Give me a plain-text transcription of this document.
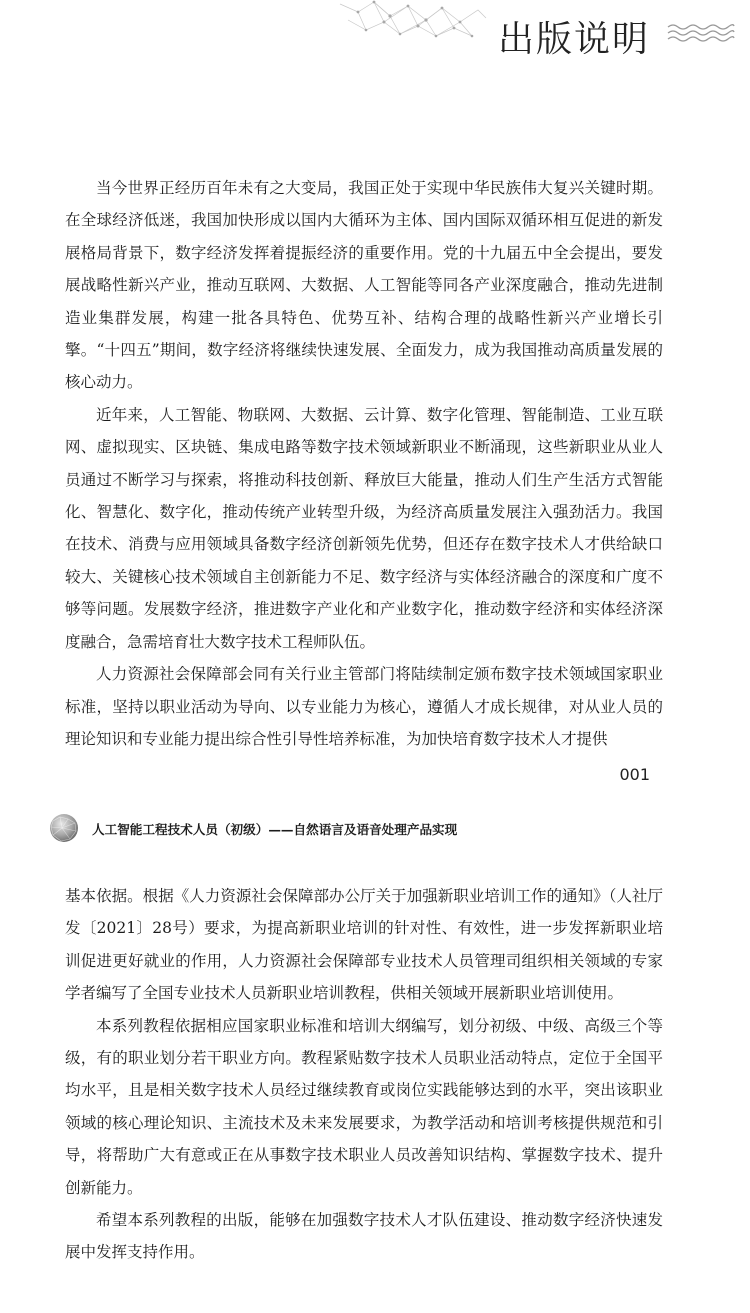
出版说明

当今世界正经历百年未有之大变局，我国正处于实现中华民族伟大复兴关键时期。在全球经济低迷，我国加快形成以国内大循环为主体、国内国际双循环相互促进的新发展格局背景下，数字经济发挥着提振经济的重要作用。党的十九届五中全会提出，要发展战略性新兴产业，推动互联网、大数据、人工智能等同各产业深度融合，推动先进制造业集群发展，构建一批各具特色、优势互补、结构合理的战略性新兴产业增长引擎。“十四五”期间，数字经济将继续快速发展、全面发力，成为我国推动高质量发展的核心动力。

近年来，人工智能、物联网、大数据、云计算、数字化管理、智能制造、工业互联网、虚拟现实、区块链、集成电路等数字技术领域新职业不断涌现，这些新职业从业人员通过不断学习与探索，将推动科技创新、释放巨大能量，推动人们生产生活方式智能化、智慧化、数字化，推动传统产业转型升级，为经济高质量发展注入强劲活力。我国在技术、消费与应用领域具备数字经济创新领先优势，但还存在数字技术人才供给缺口较大、关键核心技术领域自主创新能力不足、数字经济与实体经济融合的深度和广度不够等问题。发展数字经济，推进数字产业化和产业数字化，推动数字经济和实体经济深度融合，急需培育壮大数字技术工程师队伍。

人力资源社会保障部会同有关行业主管部门将陆续制定颁布数字技术领域国家职业标准，坚持以职业活动为导向、以专业能力为核心，遵循人才成长规律，对从业人员的理论知识和专业能力提出综合性引导性培养标准，为加快培育数字技术人才提供

001
人工智能工程技术人员（初级）——自然语言及语音处理产品实现

基本依据。根据《人力资源社会保障部办公厅关于加强新职业培训工作的通知》（人社厅发〔2021〕28号）要求，为提高新职业培训的针对性、有效性，进一步发挥新职业培训促进更好就业的作用，人力资源社会保障部专业技术人员管理司组织相关领域的专家学者编写了全国专业技术人员新职业培训教程，供相关领域开展新职业培训使用。

本系列教程依据相应国家职业标准和培训大纲编写，划分初级、中级、高级三个等级，有的职业划分若干职业方向。教程紧贴数字技术人员职业活动特点，定位于全国平均水平，且是相关数字技术人员经过继续教育或岗位实践能够达到的水平，突出该职业领域的核心理论知识、主流技术及未来发展要求，为教学活动和培训考核提供规范和引导，将帮助广大有意或正在从事数字技术职业人员改善知识结构、掌握数字技术、提升创新能力。

希望本系列教程的出版，能够在加强数字技术人才队伍建设、推动数字经济快速发展中发挥支持作用。
